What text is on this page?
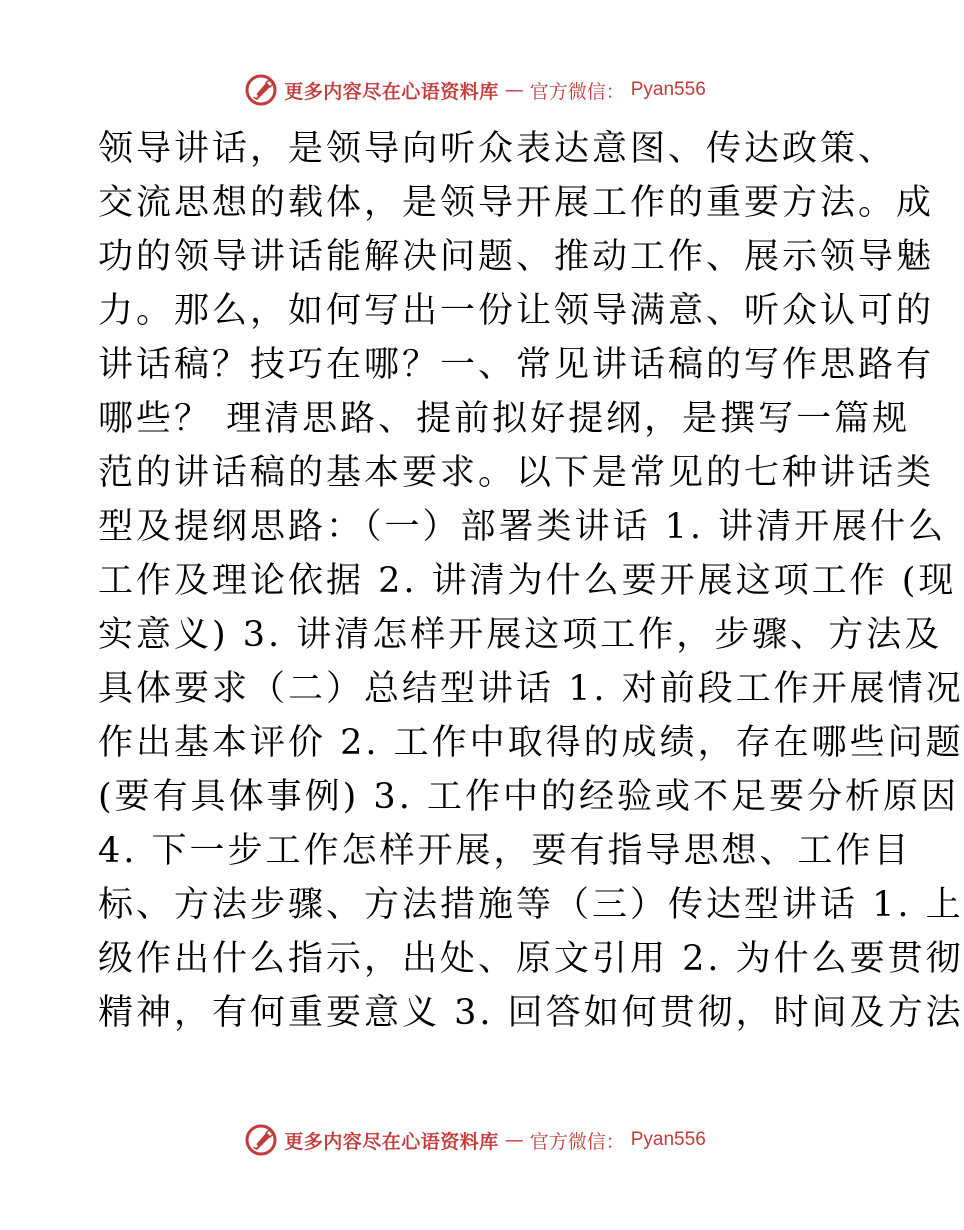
更多内容尽在心语资料库 — 官方微信： Pyan556
领导讲话，是领导向听众表达意图、传达政策、
交流思想的载体，是领导开展工作的重要方法。成
功的领导讲话能解决问题、推动工作、展示领导魅
力。那么，如何写出一份让领导满意、听众认可的
讲话稿？技巧在哪？一、常见讲话稿的写作思路有
哪些？ 理清思路、提前拟好提纲，是撰写一篇规
范的讲话稿的基本要求。以下是常见的七种讲话类
型及提纲思路：（一）部署类讲话 1. 讲清开展什么
工作及理论依据 2. 讲清为什么要开展这项工作 (现
实意义) 3. 讲清怎样开展这项工作，步骤、方法及
具体要求（二）总结型讲话 1. 对前段工作开展情况
作出基本评价 2. 工作中取得的成绩，存在哪些问题
(要有具体事例) 3. 工作中的经验或不足要分析原因
4. 下一步工作怎样开展，要有指导思想、工作目
标、方法步骤、方法措施等（三）传达型讲话 1. 上
级作出什么指示，出处、原文引用 2. 为什么要贯彻
精神，有何重要意义 3. 回答如何贯彻，时间及方法
更多内容尽在心语资料库 — 官方微信： Pyan556
